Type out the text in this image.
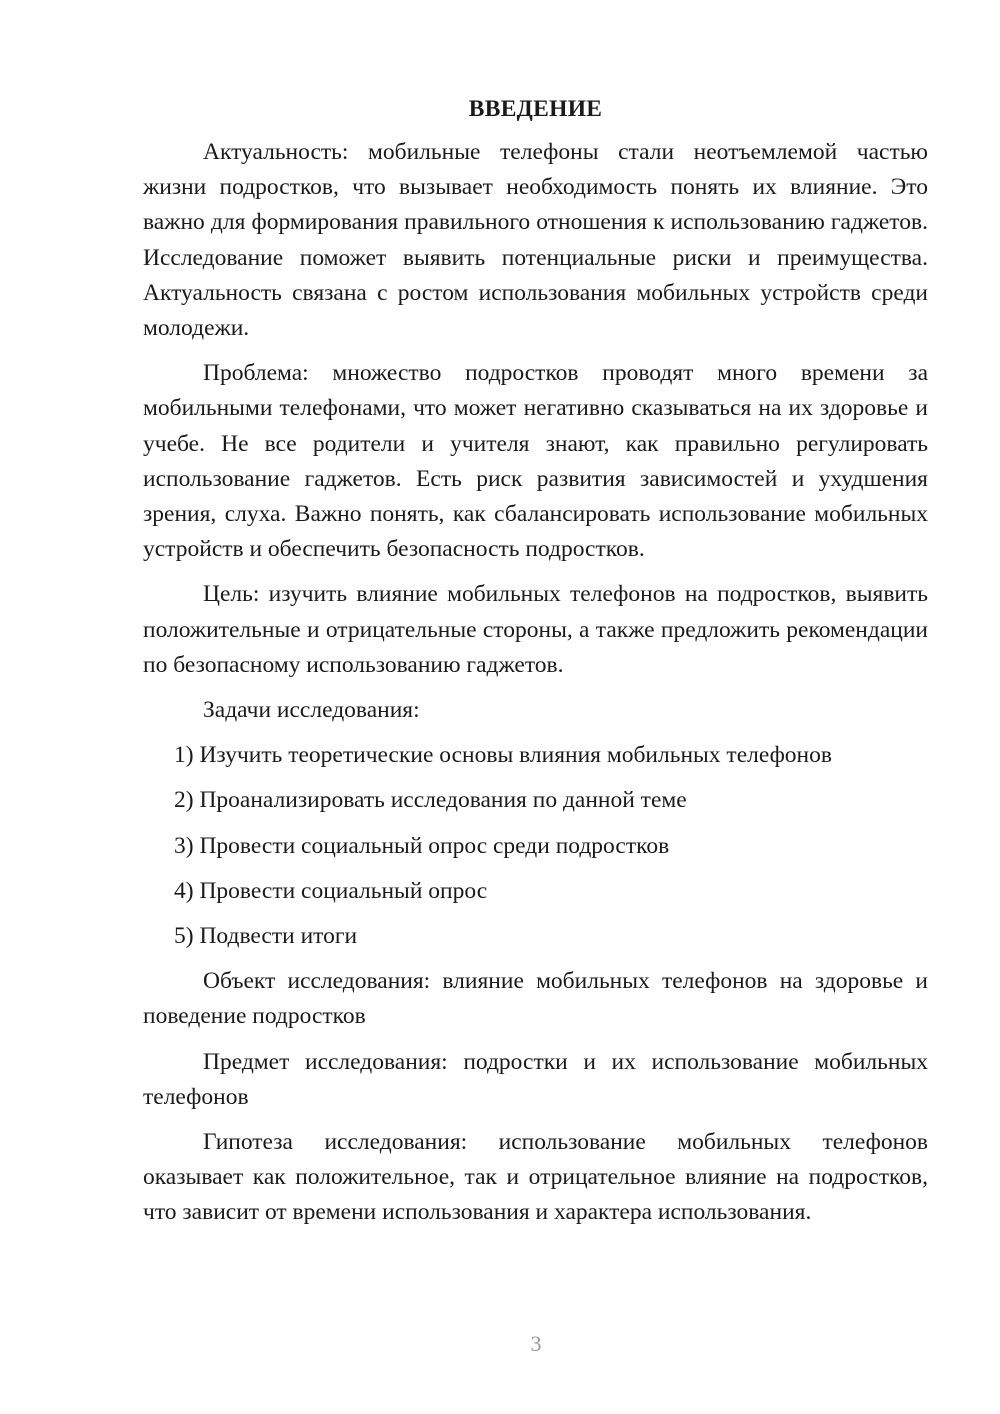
ВВЕДЕНИЕ

Актуальность: мобильные телефоны стали неотъемлемой частью жизни подростков, что вызывает необходимость понять их влияние. Это важно для формирования правильного отношения к использованию гаджетов. Исследование поможет выявить потенциальные риски и преимущества. Актуальность связана с ростом использования мобильных устройств среди молодежи.

Проблема: множество подростков проводят много времени за мобильными телефонами, что может негативно сказываться на их здоровье и учебе. Не все родители и учителя знают, как правильно регулировать использование гаджетов. Есть риск развития зависимостей и ухудшения зрения, слуха. Важно понять, как сбалансировать использование мобильных устройств и обеспечить безопасность подростков.

Цель: изучить влияние мобильных телефонов на подростков, выявить положительные и отрицательные стороны, а также предложить рекомендации по безопасному использованию гаджетов.

Задачи исследования:

1) Изучить теоретические основы влияния мобильных телефонов
2) Проанализировать исследования по данной теме
3) Провести социальный опрос среди подростков
4) Провести социальный опрос
5) Подвести итоги

Объект исследования: влияние мобильных телефонов на здоровье и поведение подростков

Предмет исследования: подростки и их использование мобильных телефонов

Гипотеза исследования: использование мобильных телефонов оказывает как положительное, так и отрицательное влияние на подростков, что зависит от времени использования и характера использования.

3
